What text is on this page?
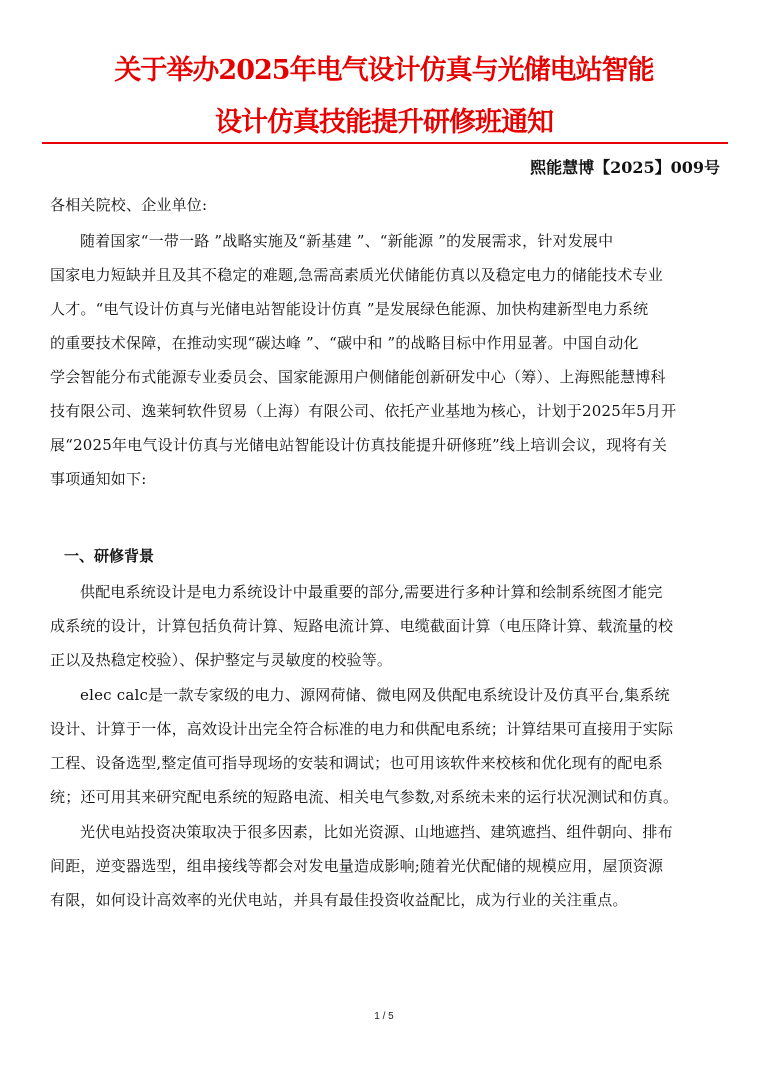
关于举办2025年电气设计仿真与光储电站智能
设计仿真技能提升研修班通知
熙能慧博【2025】009号
各相关院校、企业单位:
随着国家“一带一路 ”战略实施及“新基建 ”、“新能源 ”的发展需求，针对发展中
国家电力短缺并且及其不稳定的难题,急需高素质光伏储能仿真以及稳定电力的储能技术专业
人才。“电气设计仿真与光储电站智能设计仿真 ”是发展绿色能源、加快构建新型电力系统
的重要技术保障，在推动实现“碳达峰 ”、“碳中和 ”的战略目标中作用显著。中国自动化
学会智能分布式能源专业委员会、国家能源用户侧储能创新研发中心（筹）、上海熙能慧博科
技有限公司、逸莱轲软件贸易（上海）有限公司、依托产业基地为核心，计划于2025年5月开
展“2025年电气设计仿真与光储电站智能设计仿真技能提升研修班”线上培训会议，现将有关
事项通知如下:
一、研修背景
供配电系统设计是电力系统设计中最重要的部分,需要进行多种计算和绘制系统图才能完
成系统的设计，计算包括负荷计算、短路电流计算、电缆截面计算（电压降计算、载流量的校
正以及热稳定校验）、保护整定与灵敏度的校验等。
elec calc是一款专家级的电力、源网荷储、微电网及供配电系统设计及仿真平台,集系统
设计、计算于一体，高效设计出完全符合标准的电力和供配电系统；计算结果可直接用于实际
工程、设备选型,整定值可指导现场的安装和调试；也可用该软件来校核和优化现有的配电系
统；还可用其来研究配电系统的短路电流、相关电气参数,对系统未来的运行状况测试和仿真。
光伏电站投资决策取决于很多因素，比如光资源、山地遮挡、建筑遮挡、组件朝向、排布
间距，逆变器选型，组串接线等都会对发电量造成影响;随着光伏配储的规模应用，屋顶资源
有限，如何设计高效率的光伏电站，并具有最佳投资收益配比，成为行业的关注重点。
1 / 5
